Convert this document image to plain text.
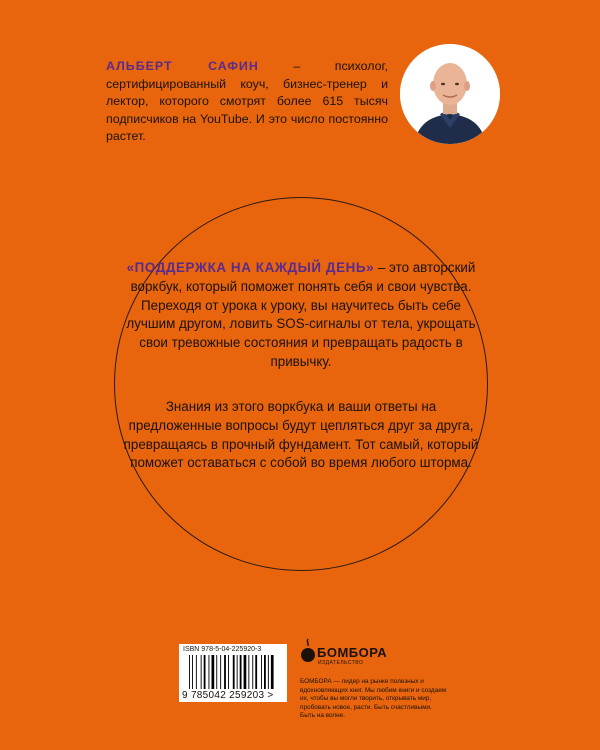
АЛЬБЕРТ САФИН – психолог, сертифицированный коуч, бизнес-тренер и лектор, которого смотрят более 615 тысяч подписчиков на YouTube. И это число постоянно растет.
«ПОДДЕРЖКА НА КАЖДЫЙ ДЕНЬ» – это авторский воркбук, который поможет понять себя и свои чувства. Переходя от урока к уроку, вы научитесь быть себе лучшим другом, ловить SOS-сигналы от тела, укрощать свои тревожные состояния и превращать радость в привычку.
Знания из этого воркбука и ваши ответы на предложенные вопросы будут цепляться друг за друга, превращаясь в прочный фундамент. Тот самый, который поможет оставаться с собой во время любого шторма.
ISBN 978-5-04-225920-3
9 785042 259203 >
БОМБОРА
ИЗДАТЕЛЬСТВО
БОМБОРА — лидер на рынке полезных и вдохновляющих книг. Мы любим книги и создаем их, чтобы вы могли творить, открывать мир, пробовать новое, расти. Быть счастливыми. Быть на волне.
